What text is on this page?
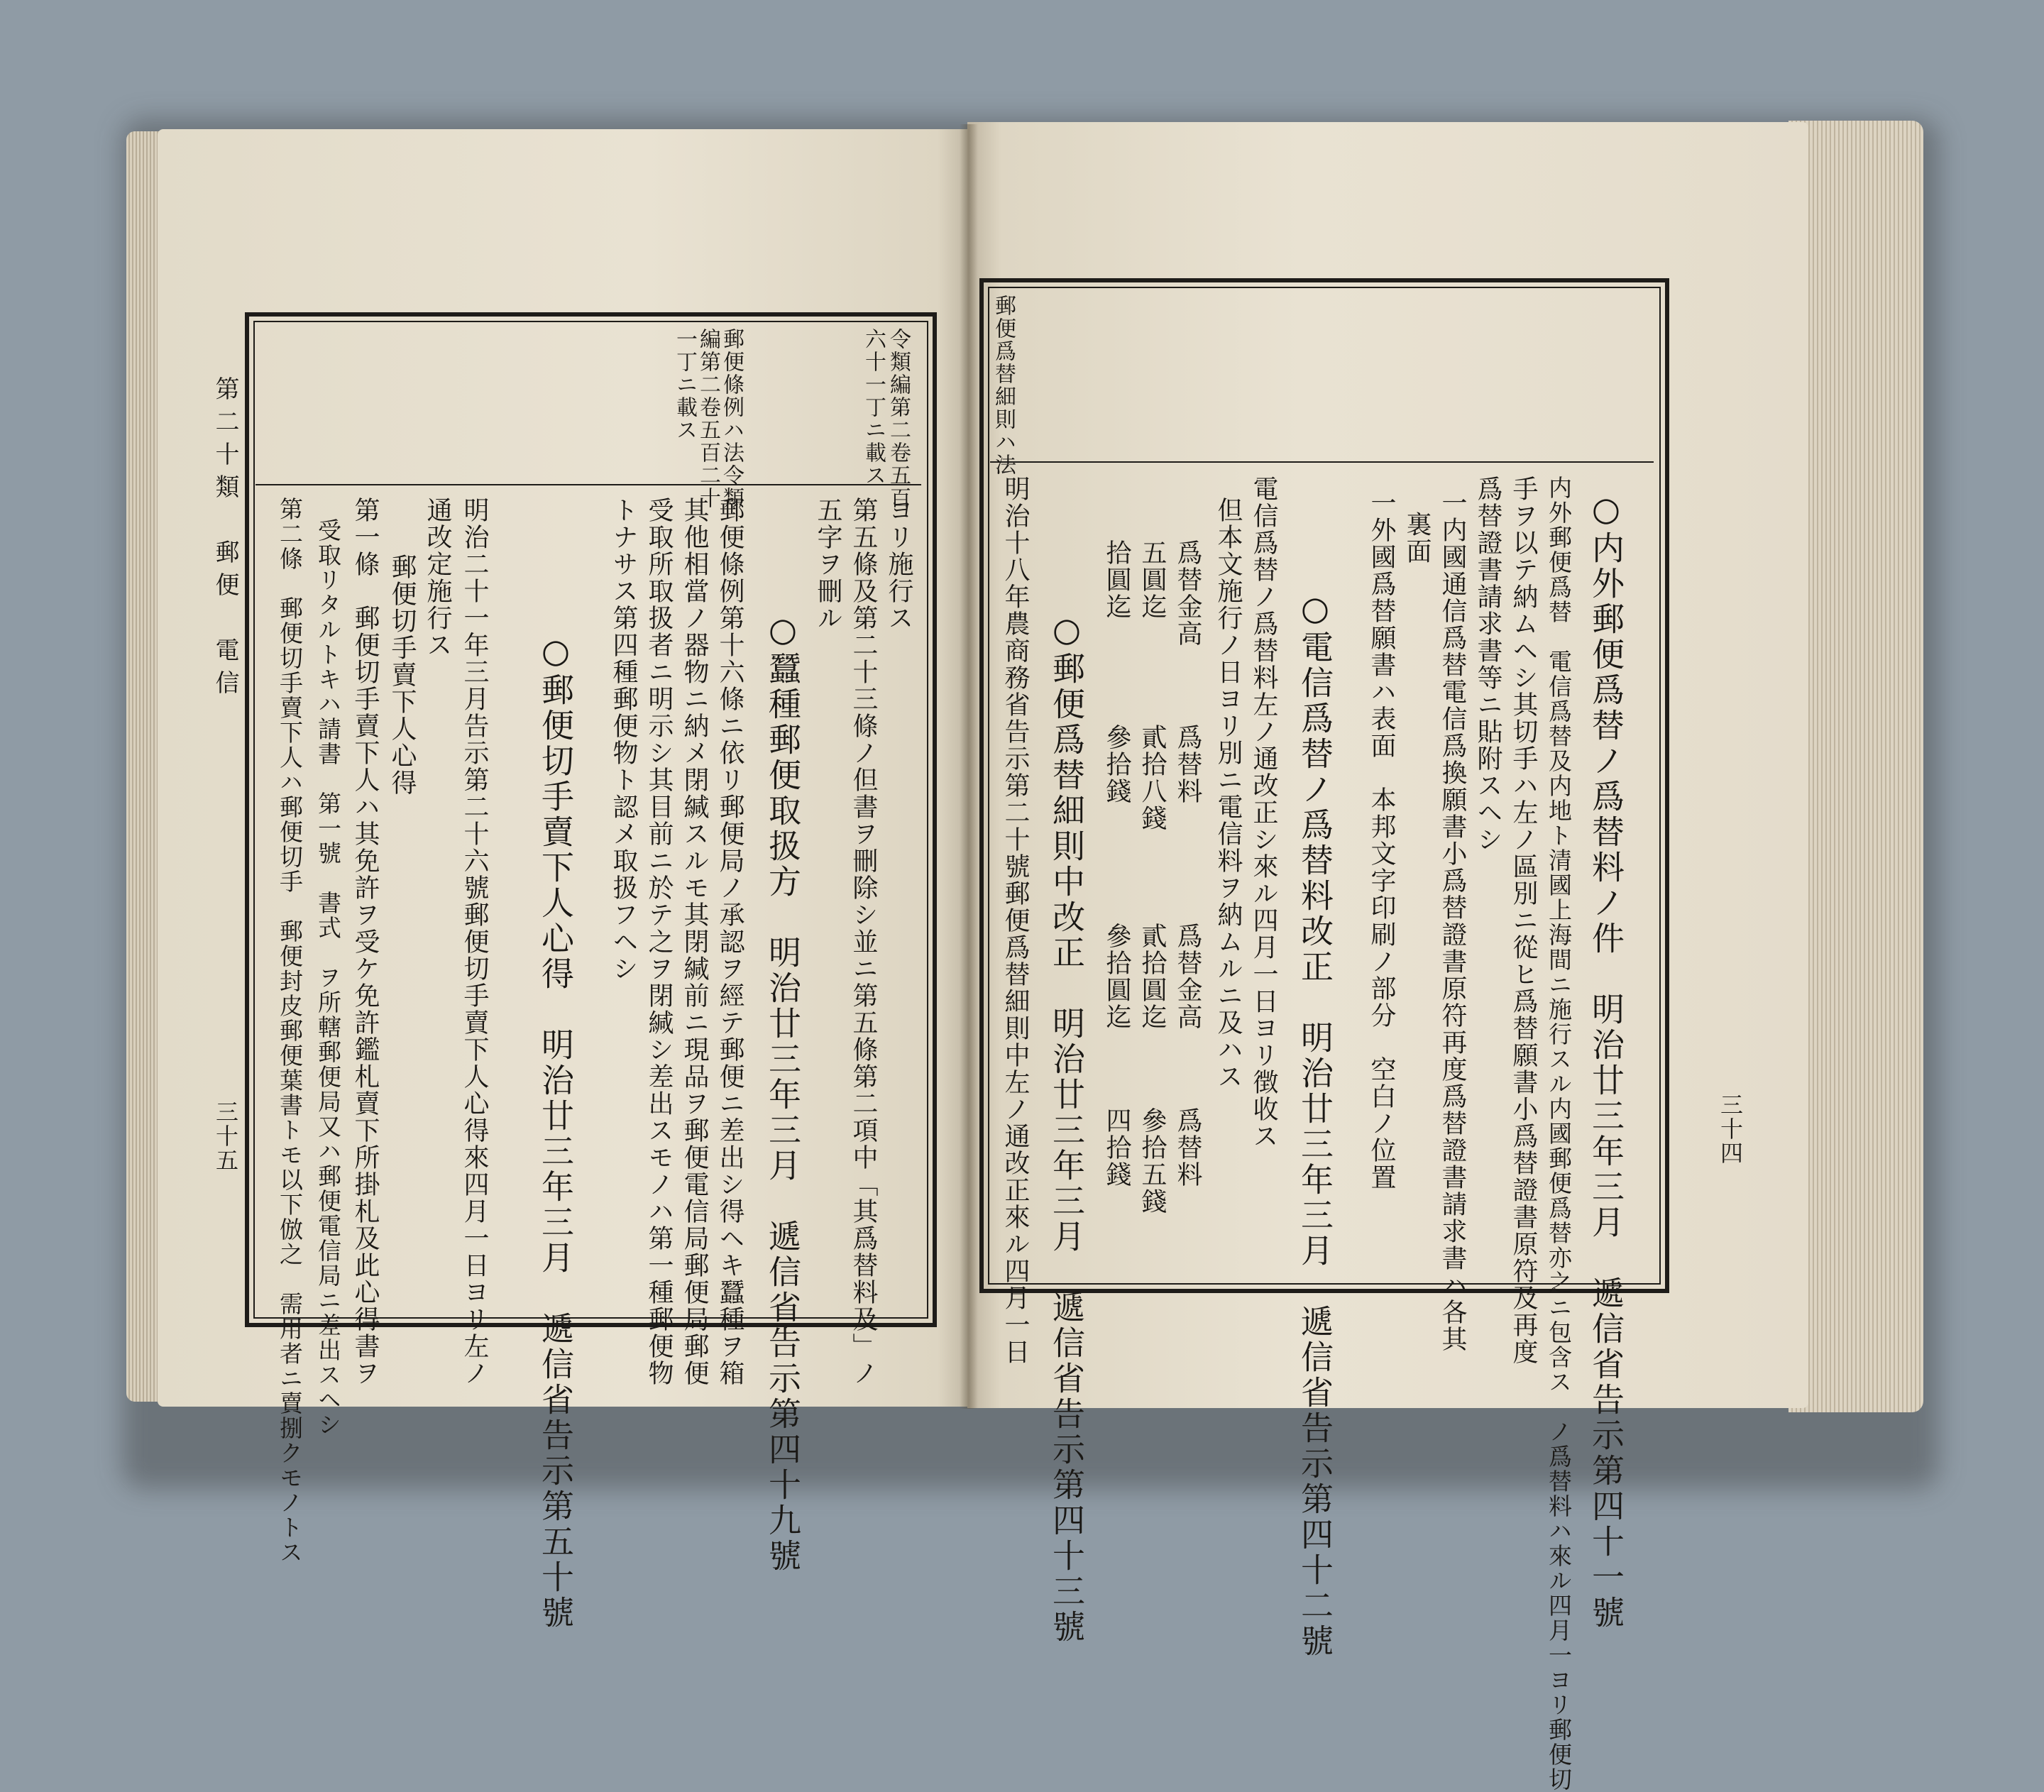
第二十類　郵便　電信
三十五
令類編第二卷五百
六十一丁ニ載ス
郵便條例ハ法令類
編第二卷五百二十
一丁ニ載ス
ヨリ施行ス
第五條及第二十三條ノ但書ヲ刪除シ並ニ第五條第二項中「其爲替料及」ノ
五字ヲ刪ル
○蠶種郵便取扱方　明治廿三年三月　遞信省告示第四十九號
郵便條例第十六條ニ依リ郵便局ノ承認ヲ經テ郵便ニ差出シ得ヘキ蠶種ヲ箱
其他相當ノ器物ニ納メ閉緘スルモ其閉緘前ニ現品ヲ郵便電信局郵便局郵便
受取所取扱者ニ明示シ其目前ニ於テ之ヲ閉緘シ差出スモノハ第一種郵便物
トナサス第四種郵便物ト認メ取扱フヘシ
○郵便切手賣下人心得　明治廿三年三月　遞信省告示第五十號
明治二十一年三月告示第二十六號郵便切手賣下人心得來四月一日ヨリ左ノ
通改定施行ス
郵便切手賣下人心得
第一條　郵便切手賣下人ハ其免許ヲ受ケ免許鑑札賣下所掛札及此心得書ヲ
受取リタルトキハ請書　第一號　書式　ヲ所轄郵便局又ハ郵便電信局ニ差出スヘシ
第二條　郵便切手賣下人ハ郵便切手　郵便封皮郵便葉書トモ以下倣之　需用者ニ賣捌クモノトス	三十四
郵便爲替細則ハ法
○内外郵便爲替ノ爲替料ノ件　明治廿三年三月　遞信省告示第四十一號
内外郵便爲替　電信爲替及内地ト清國上海間ニ施行スル内國郵便爲替亦之ニ包含ス　ノ爲替料ハ來ル四月一ヨリ郵便切
手ヲ以テ納ムヘシ其切手ハ左ノ區別ニ從ヒ爲替願書小爲替證書原符及再度
爲替證書請求書等ニ貼附スヘシ
一内國通信爲替電信爲換願書小爲替證書原符再度爲替證書請求書ハ各其
裏面
一外國爲替願書ハ表面　本邦文字印刷ノ部分　空白ノ位置
○電信爲替ノ爲替料改正　明治廿三年三月　遞信省告示第四十二號
電信爲替ノ爲替料左ノ通改正シ來ル四月一日ヨリ徴收ス
但本文施行ノ日ヨリ別ニ電信料ヲ納ムルニ及ハス
爲替金高
五圓迄
拾圓迄
爲替料
貳拾八錢
參拾錢
爲替金高
貳拾圓迄
參拾圓迄
爲替料
參拾五錢
四拾錢
○郵便爲替細則中改正　明治廿三年三月　遞信省告示第四十三號
明治十八年農商務省告示第二十號郵便爲替細則中左ノ通改正來ル四月一日
